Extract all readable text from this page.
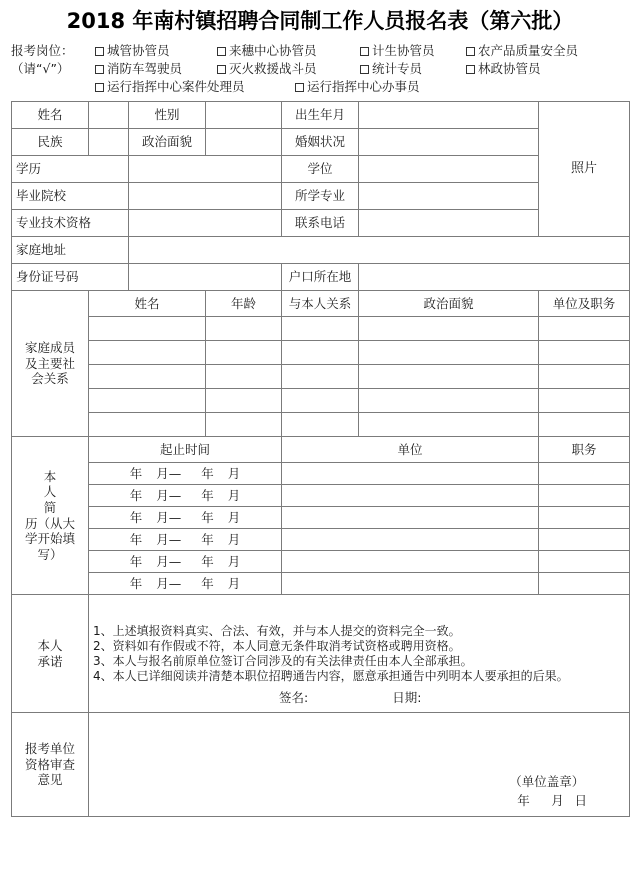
2018 年南村镇招聘合同制工作人员报名表（第六批）
报考岗位：	城管协管员	来穗中心协管员	计生协管员	农产品质量安全员
（请“√”）	消防车驾驶员	灭火救援战斗员	统计专员	林政协管员
运行指挥中心案件处理员	运行指挥中心办事员
姓名		性别		出生年月		照片
民族		政治面貌		婚姻状况		
学历				学位		
毕业院校				所学专业		
专业技术资格				联系电话		
家庭地址						
身份证号码				户口所在地		

家庭成员
及主要社
会关系	姓名		年龄	与本人关系	政治面貌	单位及职务

本
人
简
历（从大
学开始填
写）
	起止时间	单位	职务
	年 月— 年 月					
	年 月— 年 月					
	年 月— 年 月					
	年 月— 年 月					
	年 月— 年 月					
	年 月— 年 月					

本人
承诺

1、上述填报资料真实、合法、有效，并与本人提交的资料完全一致。
2、资料如有作假或不符，本人同意无条件取消考试资格或聘用资格。
3、本人与报名前原单位签订合同涉及的有关法律责任由本人全部承担。
4、本人已详细阅读并清楚本职位招聘通告内容，愿意承担通告中列明本人要承担的后果。
签名:	日期:

报考单位
资格审查
意见	（单位盖章）
年 月 日
